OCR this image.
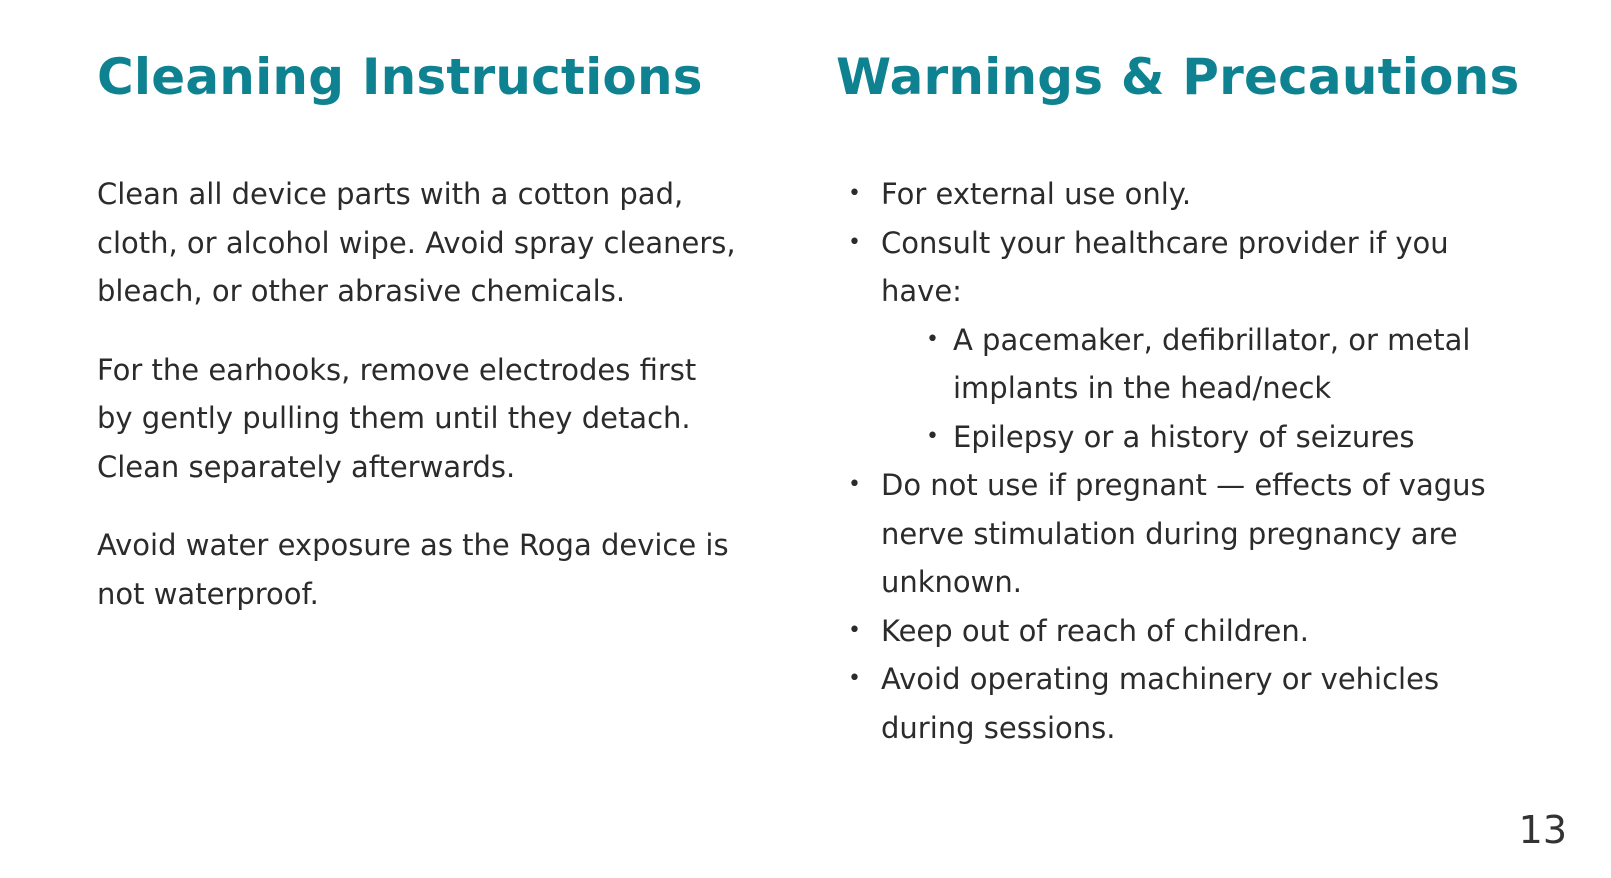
Cleaning Instructions

Clean all device parts with a cotton pad, cloth, or alcohol wipe. Avoid spray cleaners, bleach, or other abrasive chemicals.

For the earhooks, remove electrodes first by gently pulling them until they detach. Clean separately afterwards.

Avoid water exposure as the Roga device is not waterproof.

Warnings & Precautions
• For external use only.
• Consult your healthcare provider if you have:
• A pacemaker, defibrillator, or metal implants in the head/neck
• Epilepsy or a history of seizures
• Do not use if pregnant — effects of vagus nerve stimulation during pregnancy are unknown.
• Keep out of reach of children.
• Avoid operating machinery or vehicles during sessions.
13
